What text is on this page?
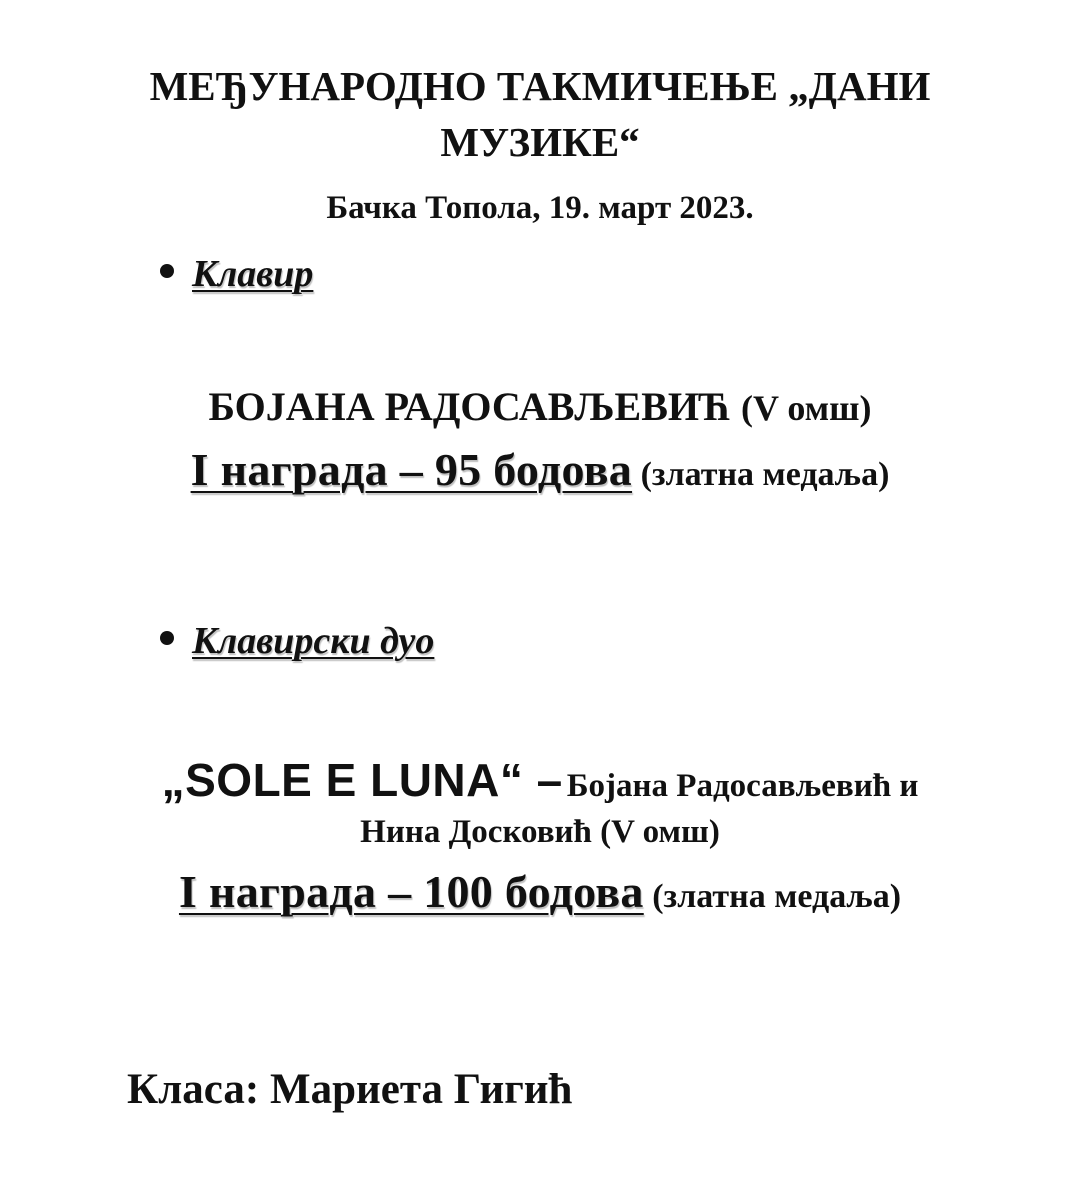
МЕЂУНАРОДНО ТАКМИЧЕЊЕ „ДАНИ МУЗИКЕ“
Бачка Топола, 19. март 2023.
Клавир
БОЈАНА РАДОСАВЉЕВИЋ (V омш)
I награда – 95 бодова (златна медаља)
Клавирски дуо
„SOLE E LUNA“ – Бојана Радосављевић и
Нина Досковић (V омш)
I награда – 100 бодова (златна медаља)
Класа: Мариета Гигић
